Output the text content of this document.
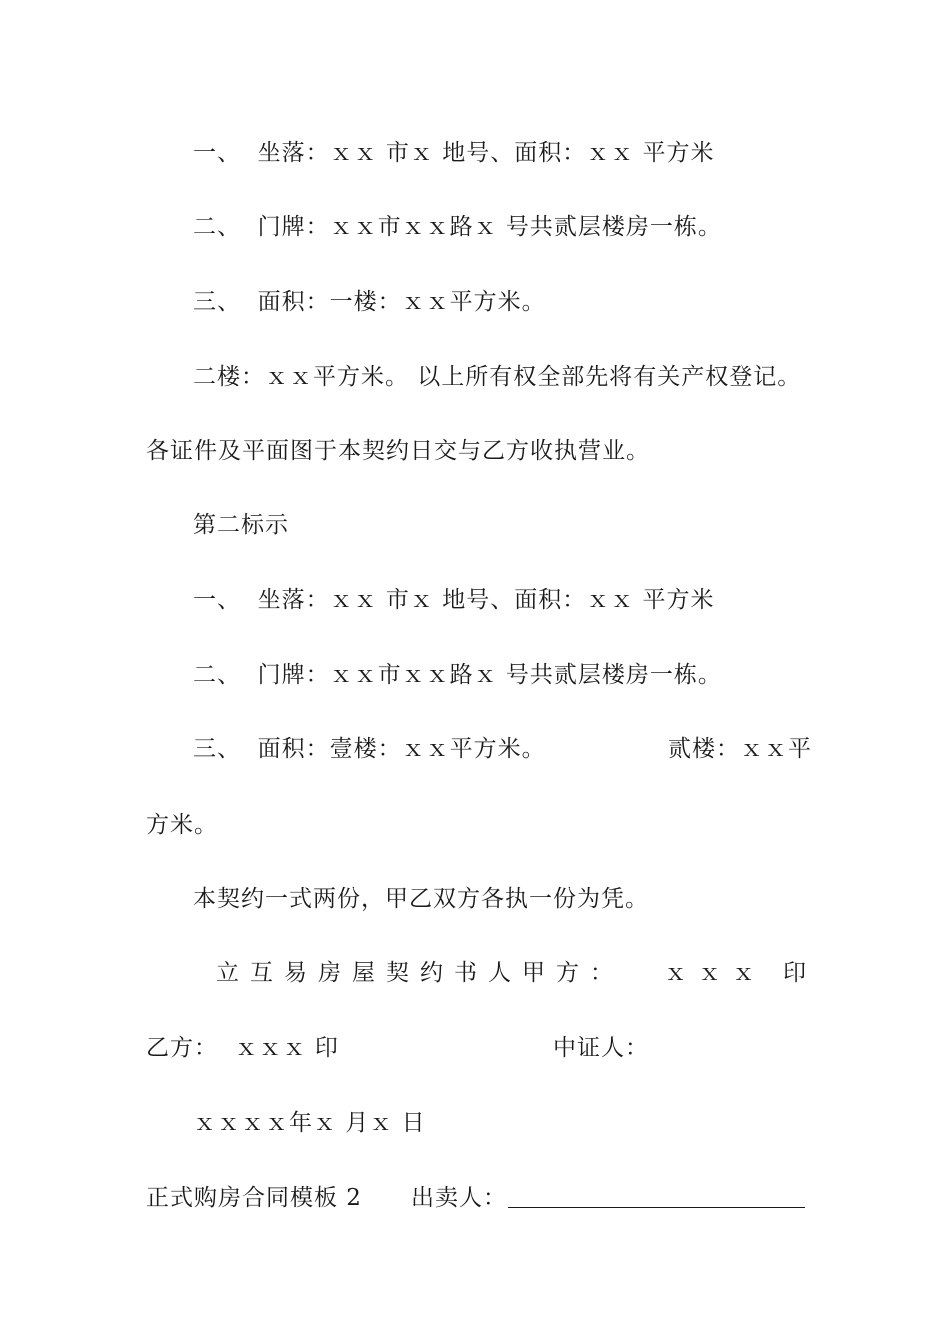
一、  坐落：ｘｘ 市ｘ 地号、面积：ｘｘ 平方米
二、  门牌：ｘｘ市ｘｘ路ｘ 号共贰层楼房一栋。
三、  面积：一楼：ｘｘ平方米。
二楼：ｘｘ平方米。 以上所有权全部先将有关产权登记。
各证件及平面图于本契约日交与乙方收执营业。
第二标示
一、  坐落：ｘｘ 市ｘ 地号、面积：ｘｘ 平方米
二、  门牌：ｘｘ市ｘｘ路ｘ 号共贰层楼房一栋。
三、  面积：壹楼：ｘｘ平方米。	贰楼：ｘｘ平
方米。
本契约一式两份，甲乙双方各执一份为凭。
立互易房屋契约书人甲方： ｘｘｘ 印
乙方：  ｘｘｘ 印	中证人：
ｘｘｘｘ年ｘ 月ｘ 日
正式购房合同模板 2 出卖人：
